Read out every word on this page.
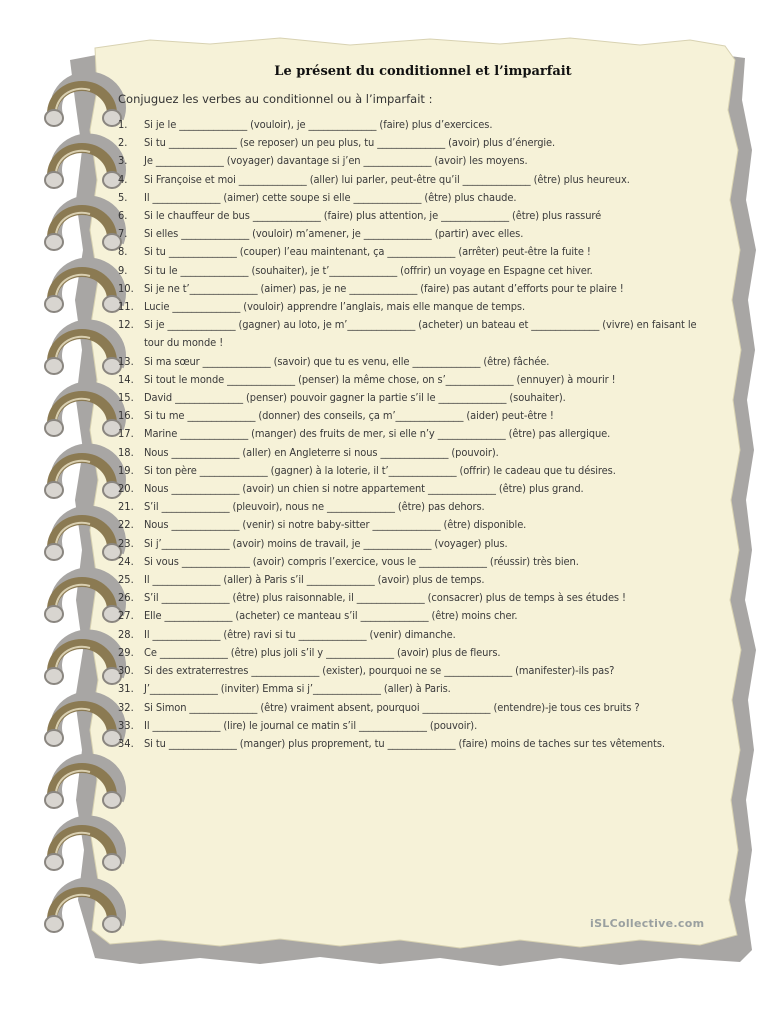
Le présent du conditionnel et l’imparfait
Conjuguez les verbes au conditionnel ou à l’imparfait :
1.	Si je le ______________ (vouloir), je ______________ (faire) plus d’exercices.
2.	Si tu ______________ (se reposer) un peu plus, tu ______________ (avoir) plus d’énergie.
3.	Je ______________ (voyager) davantage si j’en ______________ (avoir) les moyens.
4.	Si Françoise et moi ______________ (aller) lui parler, peut-être qu’il ______________ (être) plus heureux.
5.	Il ______________ (aimer) cette soupe si elle ______________ (être) plus chaude.
6.	Si le chauffeur de bus ______________ (faire) plus attention, je ______________ (être) plus rassuré
7.	Si elles ______________ (vouloir) m’amener, je ______________ (partir) avec elles.
8.	Si tu ______________ (couper) l’eau maintenant, ça ______________ (arrêter) peut-être la fuite !
9.	Si tu le ______________ (souhaiter), je t’______________ (offrir) un voyage en Espagne cet hiver.
10. Si je ne t’______________ (aimer) pas, je ne ______________ (faire) pas autant d’efforts pour te plaire !
11. Lucie ______________ (vouloir) apprendre l’anglais, mais elle manque de temps.
12. Si je ______________ (gagner) au loto, je m’______________ (acheter) un bateau et ______________ (vivre) en faisant le tour du monde !
13. Si ma sœur ______________ (savoir) que tu es venu, elle ______________ (être) fâchée.
14. Si tout le monde ______________ (penser) la même chose, on s’______________ (ennuyer) à mourir !
15. David ______________ (penser) pouvoir gagner la partie s’il le ______________ (souhaiter).
16. Si tu me ______________ (donner) des conseils, ça m’______________ (aider) peut-être !
17. Marine ______________ (manger) des fruits de mer, si elle n’y ______________ (être) pas allergique.
18. Nous ______________ (aller) en Angleterre si nous ______________ (pouvoir).
19. Si ton père ______________ (gagner) à la loterie, il t’______________ (offrir) le cadeau que tu désires.
20. Nous ______________ (avoir) un chien si notre appartement ______________ (être) plus grand.
21. S’il ______________ (pleuvoir), nous ne ______________ (être) pas dehors.
22. Nous ______________ (venir) si notre baby-sitter ______________ (être) disponible.
23. Si j’______________ (avoir) moins de travail, je ______________ (voyager) plus.
24. Si vous ______________ (avoir) compris l’exercice, vous le ______________ (réussir) très bien.
25. Il ______________ (aller) à Paris s’il ______________ (avoir) plus de temps.
26. S’il ______________ (être) plus raisonnable, il ______________ (consacrer) plus de temps à ses études !
27. Elle ______________ (acheter) ce manteau s’il ______________ (être) moins cher.
28. Il ______________ (être) ravi si tu ______________ (venir) dimanche.
29. Ce ______________ (être) plus joli s’il y ______________ (avoir) plus de fleurs.
30. Si des extraterrestres ______________ (exister), pourquoi ne se ______________ (manifester)-ils pas?
31. J’______________ (inviter) Emma si j’______________ (aller) à Paris.
32. Si Simon ______________ (être) vraiment absent, pourquoi ______________ (entendre)-je tous ces bruits ?
33. Il ______________ (lire) le journal ce matin s’il ______________ (pouvoir).
34. Si tu ______________ (manger) plus proprement, tu ______________ (faire) moins de taches sur tes vêtements.
iSLCollective.com
